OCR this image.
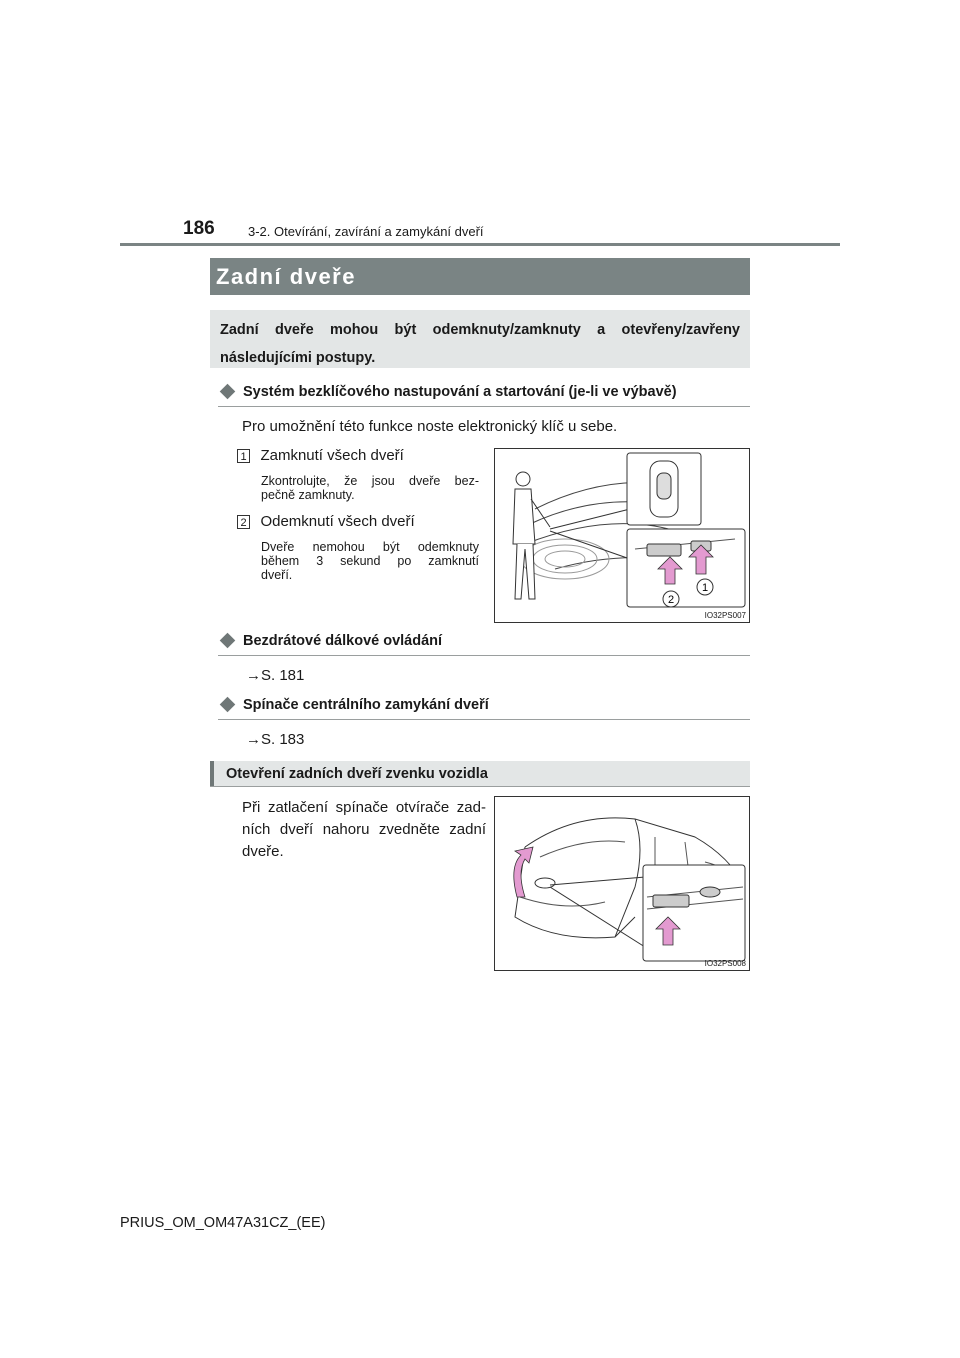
186	3-2. Otevírání, zavírání a zamykání dveří
Zadní dveře
Zadní dveře mohou být odemknuty/zamknuty a otevřeny/zavřeny
následujícími postupy.
Systém bezklíčového nastupování a startování (je-li ve výbavě)
Pro umožnění této funkce noste elektronický klíč u sebe.
1 Zamknutí všech dveří
Zkontrolujte, že jsou dveře bez-
pečně zamknuty.
2 Odemknutí všech dveří
Dveře nemohou být odemknuty
během 3 sekund po zamknutí
dveří.
1
2
IO32PS007
Bezdrátové dálkové ovládání
→S. 181
Spínače centrálního zamykání dveří
→S. 183
Otevření zadních dveří zvenku vozidla
Při zatlačení spínače otvírače zad-
ních dveří nahoru zvedněte zadní
dveře.
IO32PS008
PRIUS_OM_OM47A31CZ_(EE)
